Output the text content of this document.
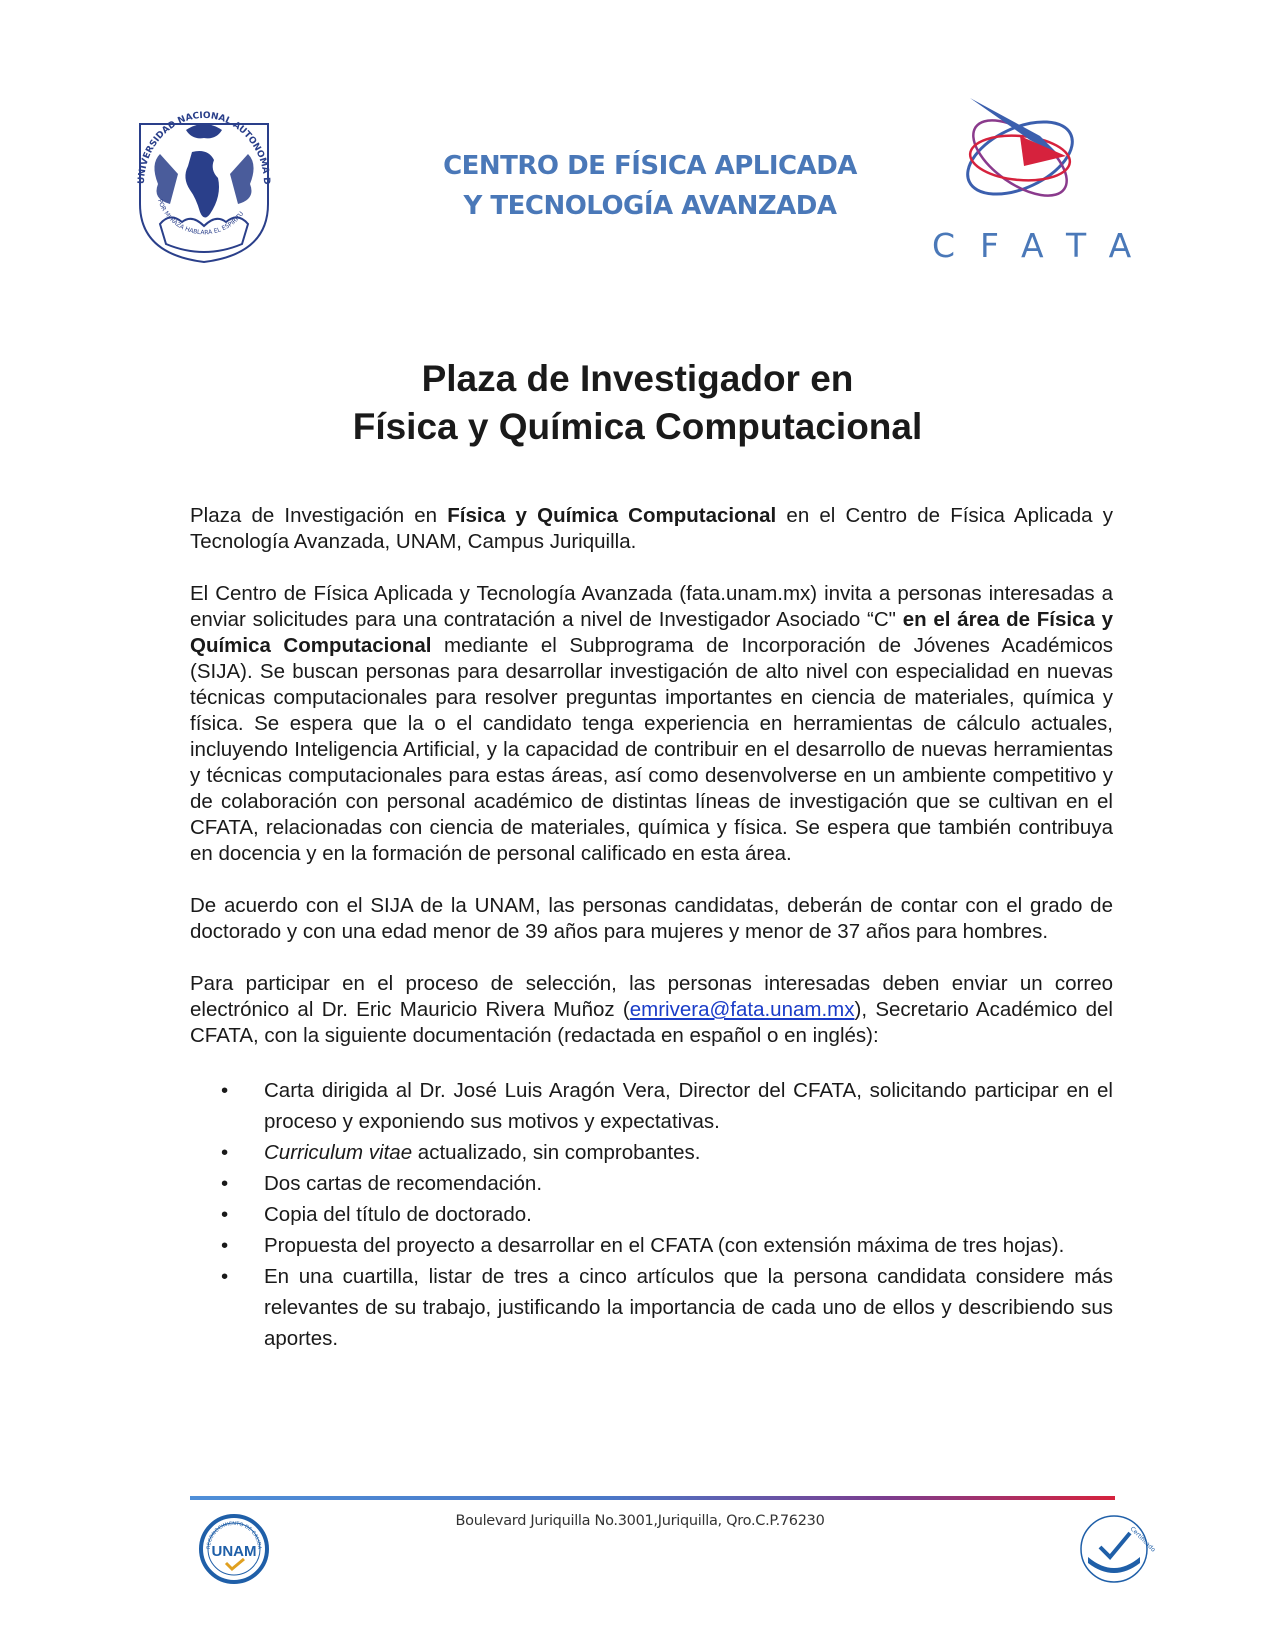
UNIVERSIDAD NACIONAL AUTONOMA D
POR MI RAZA HABLARA EL ESPIRITU
CENTRO DE FÍSICA APLICADA
Y TECNOLOGÍA AVANZADA
CFATA
Plaza de Investigador en
Física y Química Computacional

Plaza de Investigación en Física y Química Computacional en el Centro de Física Aplicada y Tecnología Avanzada, UNAM, Campus Juriquilla.

El Centro de Física Aplicada y Tecnología Avanzada (fata.unam.mx) invita a personas interesadas a enviar solicitudes para una contratación a nivel de Investigador Asociado “C" en el área de Física y Química Computacional mediante el Subprograma de Incorporación de Jóvenes Académicos (SIJA). Se buscan personas para desarrollar investigación de alto nivel con especialidad en nuevas técnicas computacionales para resolver preguntas importantes en ciencia de materiales, química y física. Se espera que la o el candidato tenga experiencia en herramientas de cálculo actuales, incluyendo Inteligencia Artificial, y la capacidad de contribuir en el desarrollo de nuevas herramientas y técnicas computacionales para estas áreas, así como desenvolverse en un ambiente competitivo y de colaboración con personal académico de distintas líneas de investigación que se cultivan en el CFATA, relacionadas con ciencia de materiales, química y física. Se espera que también contribuya en docencia y en la formación de personal calificado en esta área.

De acuerdo con el SIJA de la UNAM, las personas candidatas, deberán de contar con el grado de doctorado y con una edad menor de 39 años para mujeres y menor de 37 años para hombres.

Para participar en el proceso de selección, las personas interesadas deben enviar un correo electrónico al Dr. Eric Mauricio Rivera Muñoz (emrivera@fata.unam.mx), Secretario Académico del CFATA, con la siguiente documentación (redactada en español o en inglés):

• Carta dirigida al Dr. José Luis Aragón Vera, Director del CFATA, solicitando participar en el proceso y exponiendo sus motivos y expectativas.
• Curriculum vitae actualizado, sin comprobantes.
• Dos cartas de recomendación.
• Copia del título de doctorado.
• Propuesta del proyecto a desarrollar en el CFATA (con extensión máxima de tres hojas).
• En una cuartilla, listar de tres a cinco artículos que la persona candidata considere más relevantes de su trabajo, justificando la importancia de cada uno de ellos y describiendo sus aportes.
RECONOCIMIENTO DE CALIDA
UNAM
Boulevard Juriquilla No.3001,Juriquilla, Qro.C.P.76230
Certificado
